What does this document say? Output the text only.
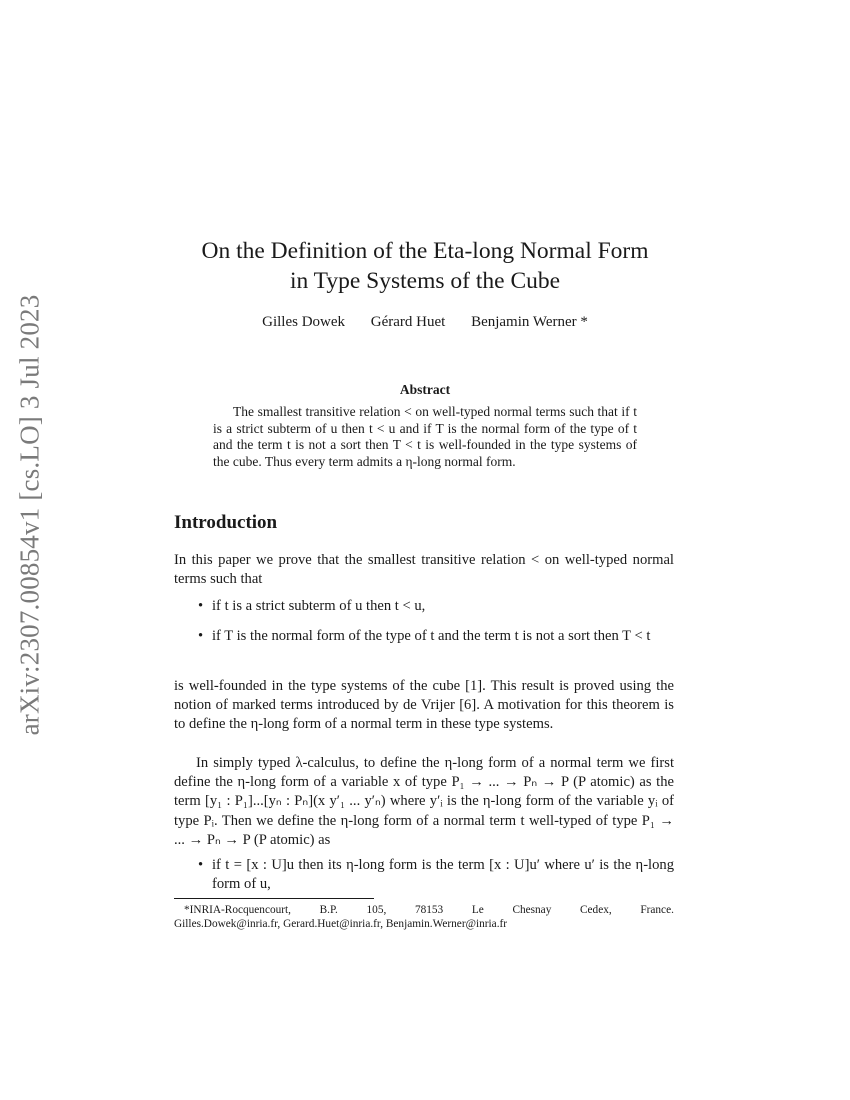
arXiv:2307.00854v1 [cs.LO] 3 Jul 2023
On the Definition of the Eta-long Normal Form
in Type Systems of the Cube
Gilles Dowek Gérard Huet Benjamin Werner *
Abstract
The smallest transitive relation < on well-typed normal terms such that if t is a strict subterm of u then t < u and if T is the normal form of the type of t and the term t is not a sort then T < t is well-founded in the type systems of the cube. Thus every term admits a η-long normal form.
Introduction
In this paper we prove that the smallest transitive relation < on well-typed normal terms such that
• if t is a strict subterm of u then t < u,
• if T is the normal form of the type of t and the term t is not a sort then T < t
is well-founded in the type systems of the cube [1]. This result is proved using the notion of marked terms introduced by de Vrijer [6]. A motivation for this theorem is to define the η-long form of a normal term in these type systems.
In simply typed λ-calculus, to define the η-long form of a normal term we first define the η-long form of a variable x of type P₁ → ... → Pₙ → P (P atomic) as the term [y₁ : P₁]...[yₙ : Pₙ](x y′₁ ... y′ₙ) where y′ᵢ is the η-long form of the variable yᵢ of type Pᵢ. Then we define the η-long form of a normal term t well-typed of type P₁ → ... → Pₙ → P (P atomic) as
• if t = [x : U]u then its η-long form is the term [x : U]u′ where u′ is the η-long form of u,
*INRIA-Rocquencourt,	B.P.	105,	78153	Le	Chesnay	Cedex,	France.
Gilles.Dowek@inria.fr, Gerard.Huet@inria.fr, Benjamin.Werner@inria.fr
